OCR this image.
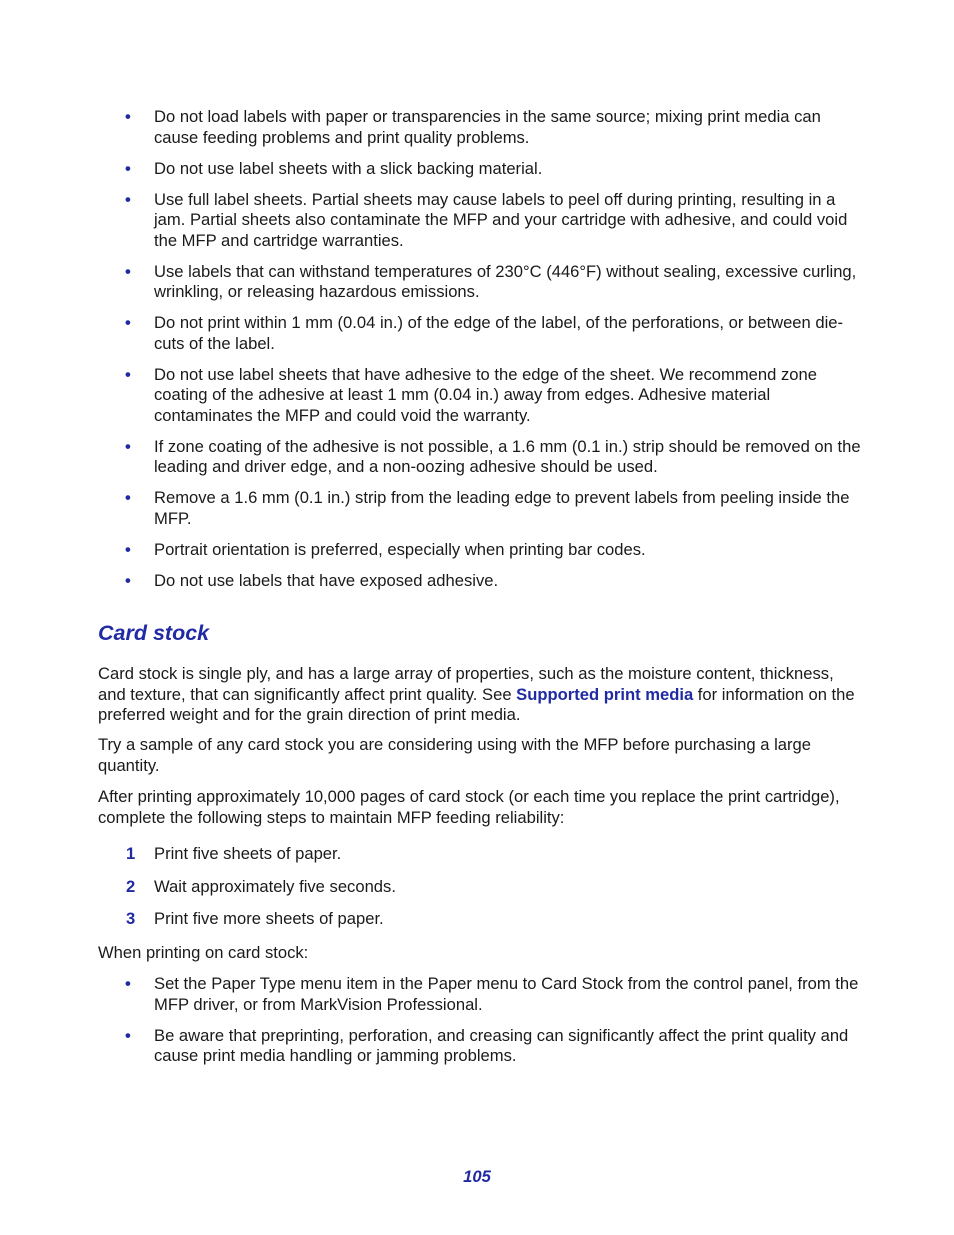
• Do not load labels with paper or transparencies in the same source; mixing print media can cause feeding problems and print quality problems.
• Do not use label sheets with a slick backing material.
• Use full label sheets. Partial sheets may cause labels to peel off during printing, resulting in a jam. Partial sheets also contaminate the MFP and your cartridge with adhesive, and could void the MFP and cartridge warranties.
• Use labels that can withstand temperatures of 230°C (446°F) without sealing, excessive curling, wrinkling, or releasing hazardous emissions.
• Do not print within 1 mm (0.04 in.) of the edge of the label, of the perforations, or between die-cuts of the label.
• Do not use label sheets that have adhesive to the edge of the sheet. We recommend zone coating of the adhesive at least 1 mm (0.04 in.) away from edges. Adhesive material contaminates the MFP and could void the warranty.
• If zone coating of the adhesive is not possible, a 1.6 mm (0.1 in.) strip should be removed on the leading and driver edge, and a non-oozing adhesive should be used.
• Remove a 1.6 mm (0.1 in.) strip from the leading edge to prevent labels from peeling inside the MFP.
• Portrait orientation is preferred, especially when printing bar codes.
• Do not use labels that have exposed adhesive.
Card stock

Card stock is single ply, and has a large array of properties, such as the moisture content, thickness, and texture, that can significantly affect print quality. See Supported print media for information on the preferred weight and for the grain direction of print media.

Try a sample of any card stock you are considering using with the MFP before purchasing a large quantity.

After printing approximately 10,000 pages of card stock (or each time you replace the print cartridge), complete the following steps to maintain MFP feeding reliability:

1 Print five sheets of paper.
2 Wait approximately five seconds.
3 Print five more sheets of paper.

When printing on card stock:

• Set the Paper Type menu item in the Paper menu to Card Stock from the control panel, from the MFP driver, or from MarkVision Professional.
• Be aware that preprinting, perforation, and creasing can significantly affect the print quality and cause print media handling or jamming problems.
105
